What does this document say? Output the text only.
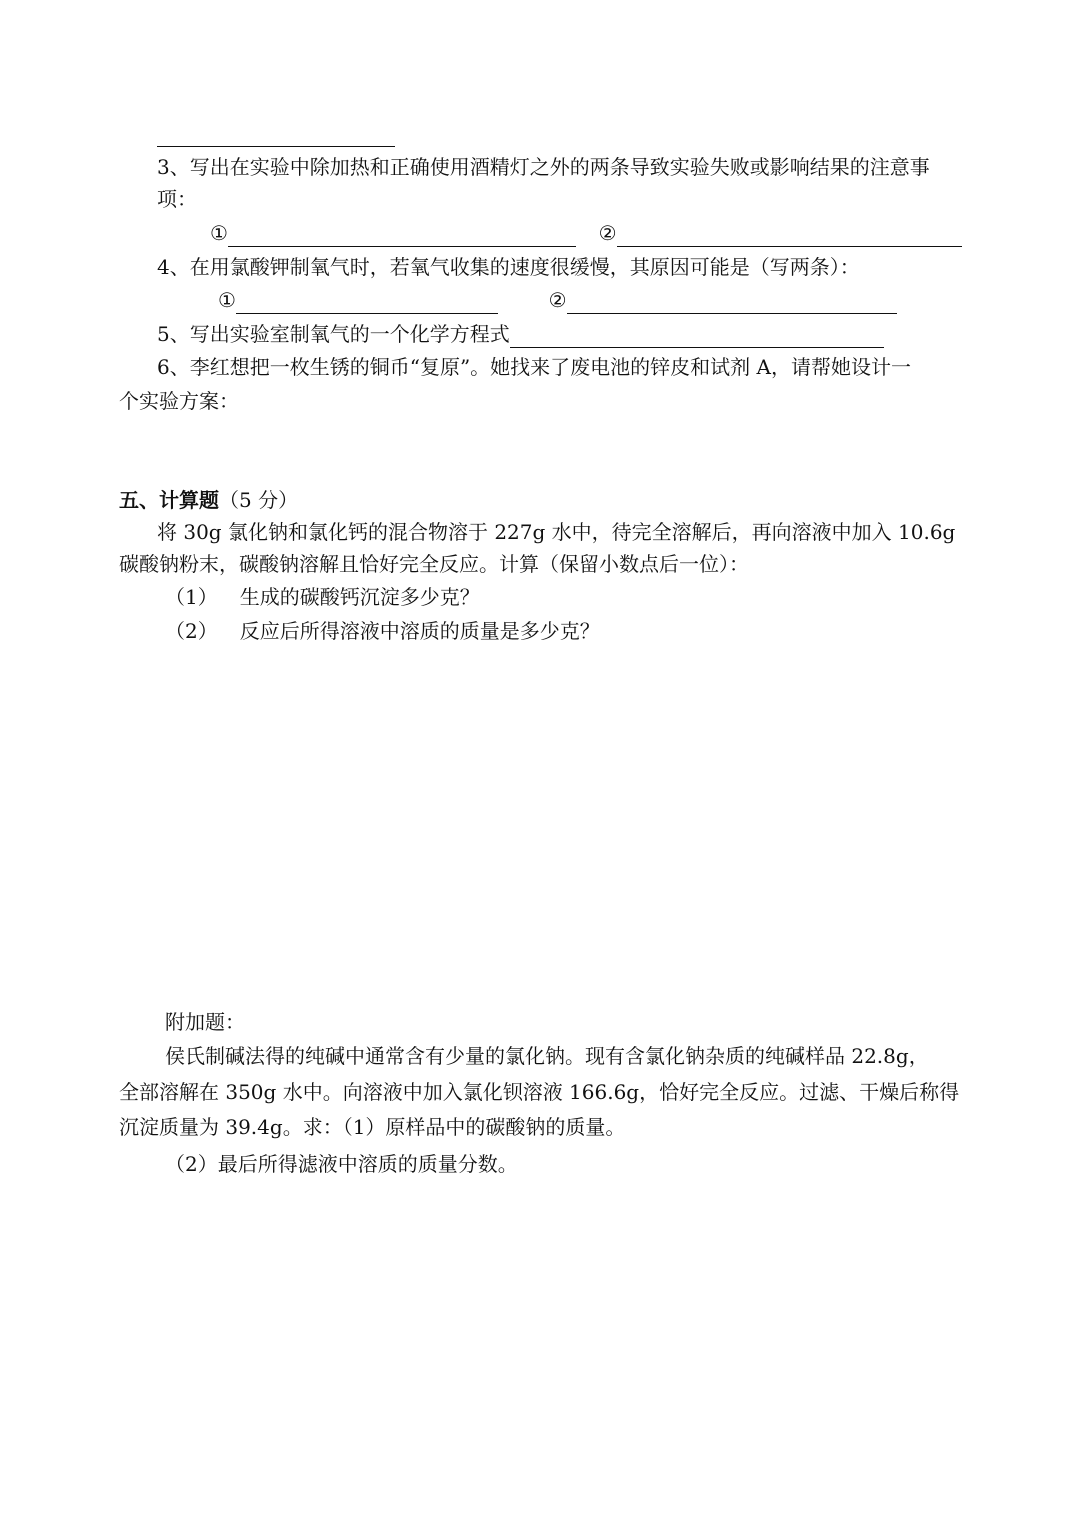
3、写出在实验中除加热和正确使用酒精灯之外的两条导致实验失败或影响结果的注意事
项：
①	②
4、在用氯酸钾制氧气时，若氧气收集的速度很缓慢，其原因可能是（写两条）：
①	②
5、写出实验室制氧气的一个化学方程式
6、李红想把一枚生锈的铜币“复原”。她找来了废电池的锌皮和试剂 A，请帮她设计一
个实验方案：
五、计算题（5 分）
将 30g 氯化钠和氯化钙的混合物溶于 227g 水中，待完全溶解后，再向溶液中加入 10.6g
碳酸钠粉末，碳酸钠溶解且恰好完全反应。计算（保留小数点后一位）：
（1） 生成的碳酸钙沉淀多少克？
（2） 反应后所得溶液中溶质的质量是多少克？
附加题：
侯氏制碱法得的纯碱中通常含有少量的氯化钠。现有含氯化钠杂质的纯碱样品 22.8g，
全部溶解在 350g 水中。向溶液中加入氯化钡溶液 166.6g，恰好完全反应。过滤、干燥后称得
沉淀质量为 39.4g。求：（1）原样品中的碳酸钠的质量。
（2）最后所得滤液中溶质的质量分数。
